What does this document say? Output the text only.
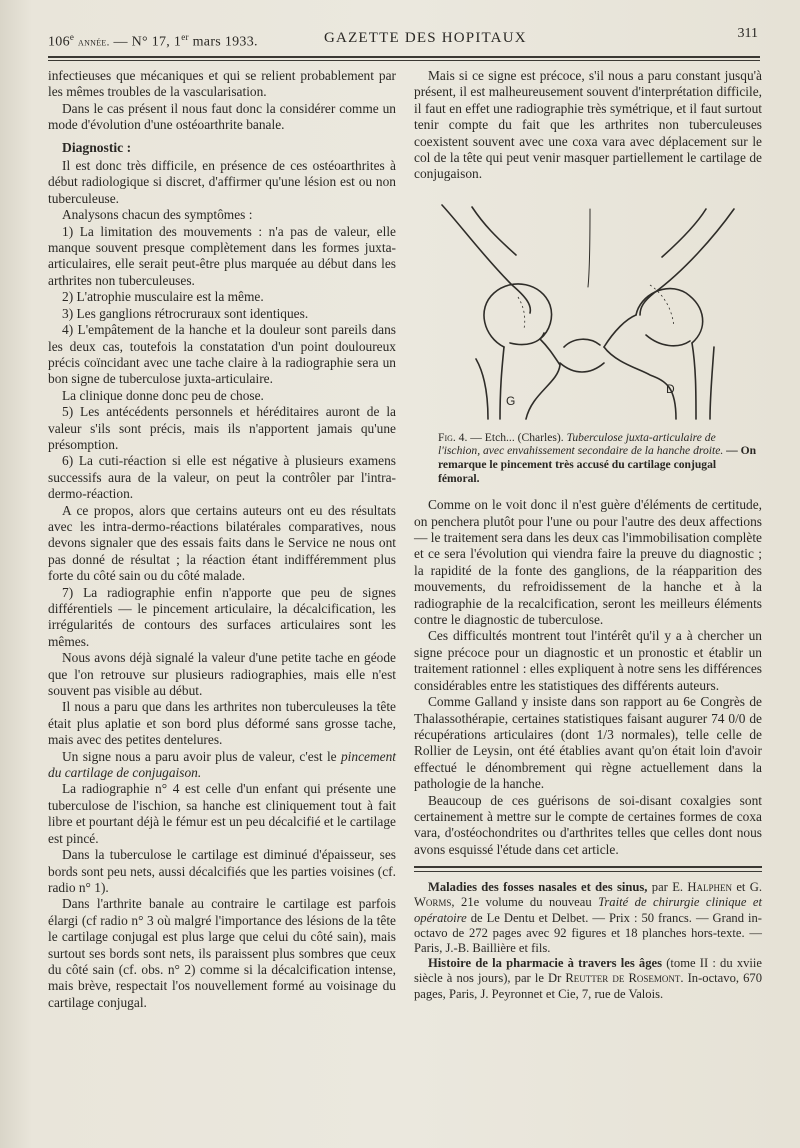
106e année. — N° 17, 1er mars 1933.	GAZETTE DES HOPITAUX	311

infectieuses que mécaniques et qui se relient probablement par les mêmes troubles de la vascularisation.

Dans le cas présent il nous faut donc la considérer comme un mode d'évolution d'une ostéoarthrite banale.

Diagnostic :

Il est donc très difficile, en présence de ces ostéoarthrites à début radiologique si discret, d'affirmer qu'une lésion est ou non tuberculeuse.

Analysons chacun des symptômes :

1) La limitation des mouvements : n'a pas de valeur, elle manque souvent presque complètement dans les formes juxta-articulaires, elle serait peut-être plus marquée au début dans les arthrites non tuberculeuses.

2) L'atrophie musculaire est la même.

3) Les ganglions rétrocruraux sont identiques.

4) L'empâtement de la hanche et la douleur sont pareils dans les deux cas, toutefois la constatation d'un point douloureux précis coïncidant avec une tache claire à la radiographie sera un bon signe de tuberculose juxta-articulaire.

La clinique donne donc peu de chose.

5) Les antécédents personnels et héréditaires auront de la valeur s'ils sont précis, mais ils n'apportent jamais qu'une présomption.

6) La cuti-réaction si elle est négative à plusieurs examens successifs aura de la valeur, on peut la contrôler par l'intra-dermo-réaction.

A ce propos, alors que certains auteurs ont eu des résultats avec les intra-dermo-réactions bilatérales comparatives, nous devons signaler que des essais faits dans le Service ne nous ont pas donné de résultat ; la réaction étant indifféremment plus forte du côté sain ou du côté malade.

7) La radiographie enfin n'apporte que peu de signes différentiels — le pincement articulaire, la décalcification, les irrégularités de contours des surfaces articulaires sont les mêmes.

Nous avons déjà signalé la valeur d'une petite tache en géode que l'on retrouve sur plusieurs radiographies, mais elle n'est souvent pas visible au début.

Il nous a paru que dans les arthrites non tuberculeuses la tête était plus aplatie et son bord plus déformé sans grosse tache, mais avec des petites dentelures.

Un signe nous a paru avoir plus de valeur, c'est le pincement du cartilage de conjugaison.

La radiographie n° 4 est celle d'un enfant qui présente une tuberculose de l'ischion, sa hanche est cliniquement tout à fait libre et pourtant déjà le fémur est un peu décalcifié et le cartilage est pincé.

Dans la tuberculose le cartilage est diminué d'épaisseur, ses bords sont peu nets, aussi décalcifiés que les parties voisines (cf. radio n° 1).

Dans l'arthrite banale au contraire le cartilage est parfois élargi (cf radio n° 3 où malgré l'importance des lésions de la tête le cartilage conjugal est plus large que celui du côté sain), mais surtout ses bords sont nets, ils paraissent plus sombres que ceux du côté sain (cf. obs. n° 2) comme si la décalcification intense, mais brève, respectait l'os nouvellement formé au voisinage du cartilage conjugal.

Mais si ce signe est précoce, s'il nous a paru constant jusqu'à présent, il est malheureusement souvent d'interprétation difficile, il faut en effet une radiographie très symétrique, et il faut surtout tenir compte du fait que les arthrites non tuberculeuses coexistent souvent avec une coxa vara avec déplacement sur le col de la tête qui peut venir masquer partiellement le cartilage de conjugaison.

G
D
Fig. 4. — Etch... (Charles). Tuberculose juxta-articulaire de l'ischion, avec envahissement secondaire de la hanche droite. — On remarque le pincement très accusé du cartilage conjugal fémoral.

Comme on le voit donc il n'est guère d'éléments de certitude, on penchera plutôt pour l'une ou pour l'autre des deux affections — le traitement sera dans les deux cas l'immobilisation complète et ce sera l'évolution qui viendra faire la preuve du diagnostic ; la rapidité de la fonte des ganglions, de la réapparition des mouvements, du refroidissement de la hanche et à la radiographie de la recalcification, seront les meilleurs éléments contre le diagnostic de tuberculose.

Ces difficultés montrent tout l'intérêt qu'il y a à chercher un signe précoce pour un diagnostic et un pronostic et établir un traitement rationnel : elles expliquent à notre sens les différences considérables entre les statistiques des différents auteurs.

Comme Galland y insiste dans son rapport au 6e Congrès de Thalassothérapie, certaines statistiques faisant augurer 74 0/0 de récupérations articulaires (dont 1/3 normales), telle celle de Rollier de Leysin, ont été établies avant qu'on était loin d'avoir effectué le dénombrement qui règne actuellement dans la pathologie de la hanche.

Beaucoup de ces guérisons de soi-disant coxalgies sont certainement à mettre sur le compte de certaines formes de coxa vara, d'ostéochondrites ou d'arthrites telles que celles dont nous avons esquissé l'étude dans cet article.

Maladies des fosses nasales et des sinus, par E. Halphen et G. Worms, 21e volume du nouveau Traité de chirurgie clinique et opératoire de Le Dentu et Delbet. — Prix : 50 francs. — Grand in-octavo de 272 pages avec 92 figures et 18 planches hors-texte. — Paris, J.-B. Baillière et fils.

Histoire de la pharmacie à travers les âges (tome II : du xviie siècle à nos jours), par le Dr Reutter de Rosemont. In-octavo, 670 pages, Paris, J. Peyronnet et Cie, 7, rue de Valois.
